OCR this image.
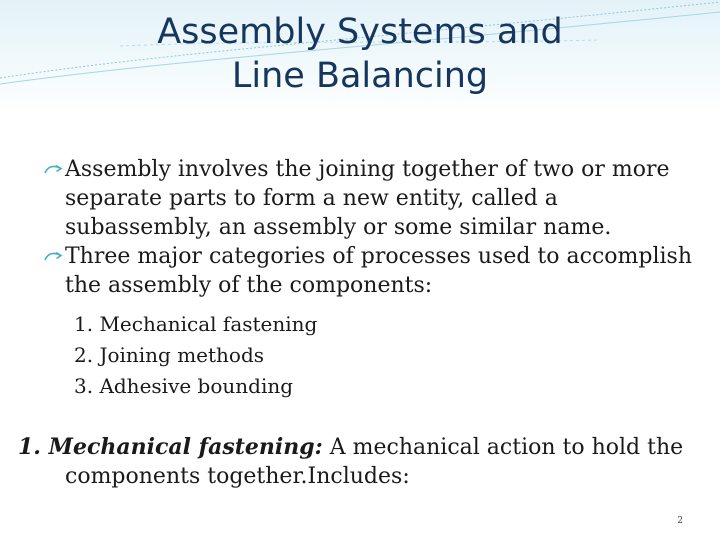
Assembly Systems and
Line Balancing
Assembly involves the joining together of two or more separate parts to form a new entity, called a subassembly, an assembly or some similar name.
Three major categories of processes used to accomplish the assembly of the components:
1. Mechanical fastening
2. Joining methods
3. Adhesive bounding
1. Mechanical fastening: A mechanical action to hold the components together.Includes:
2
